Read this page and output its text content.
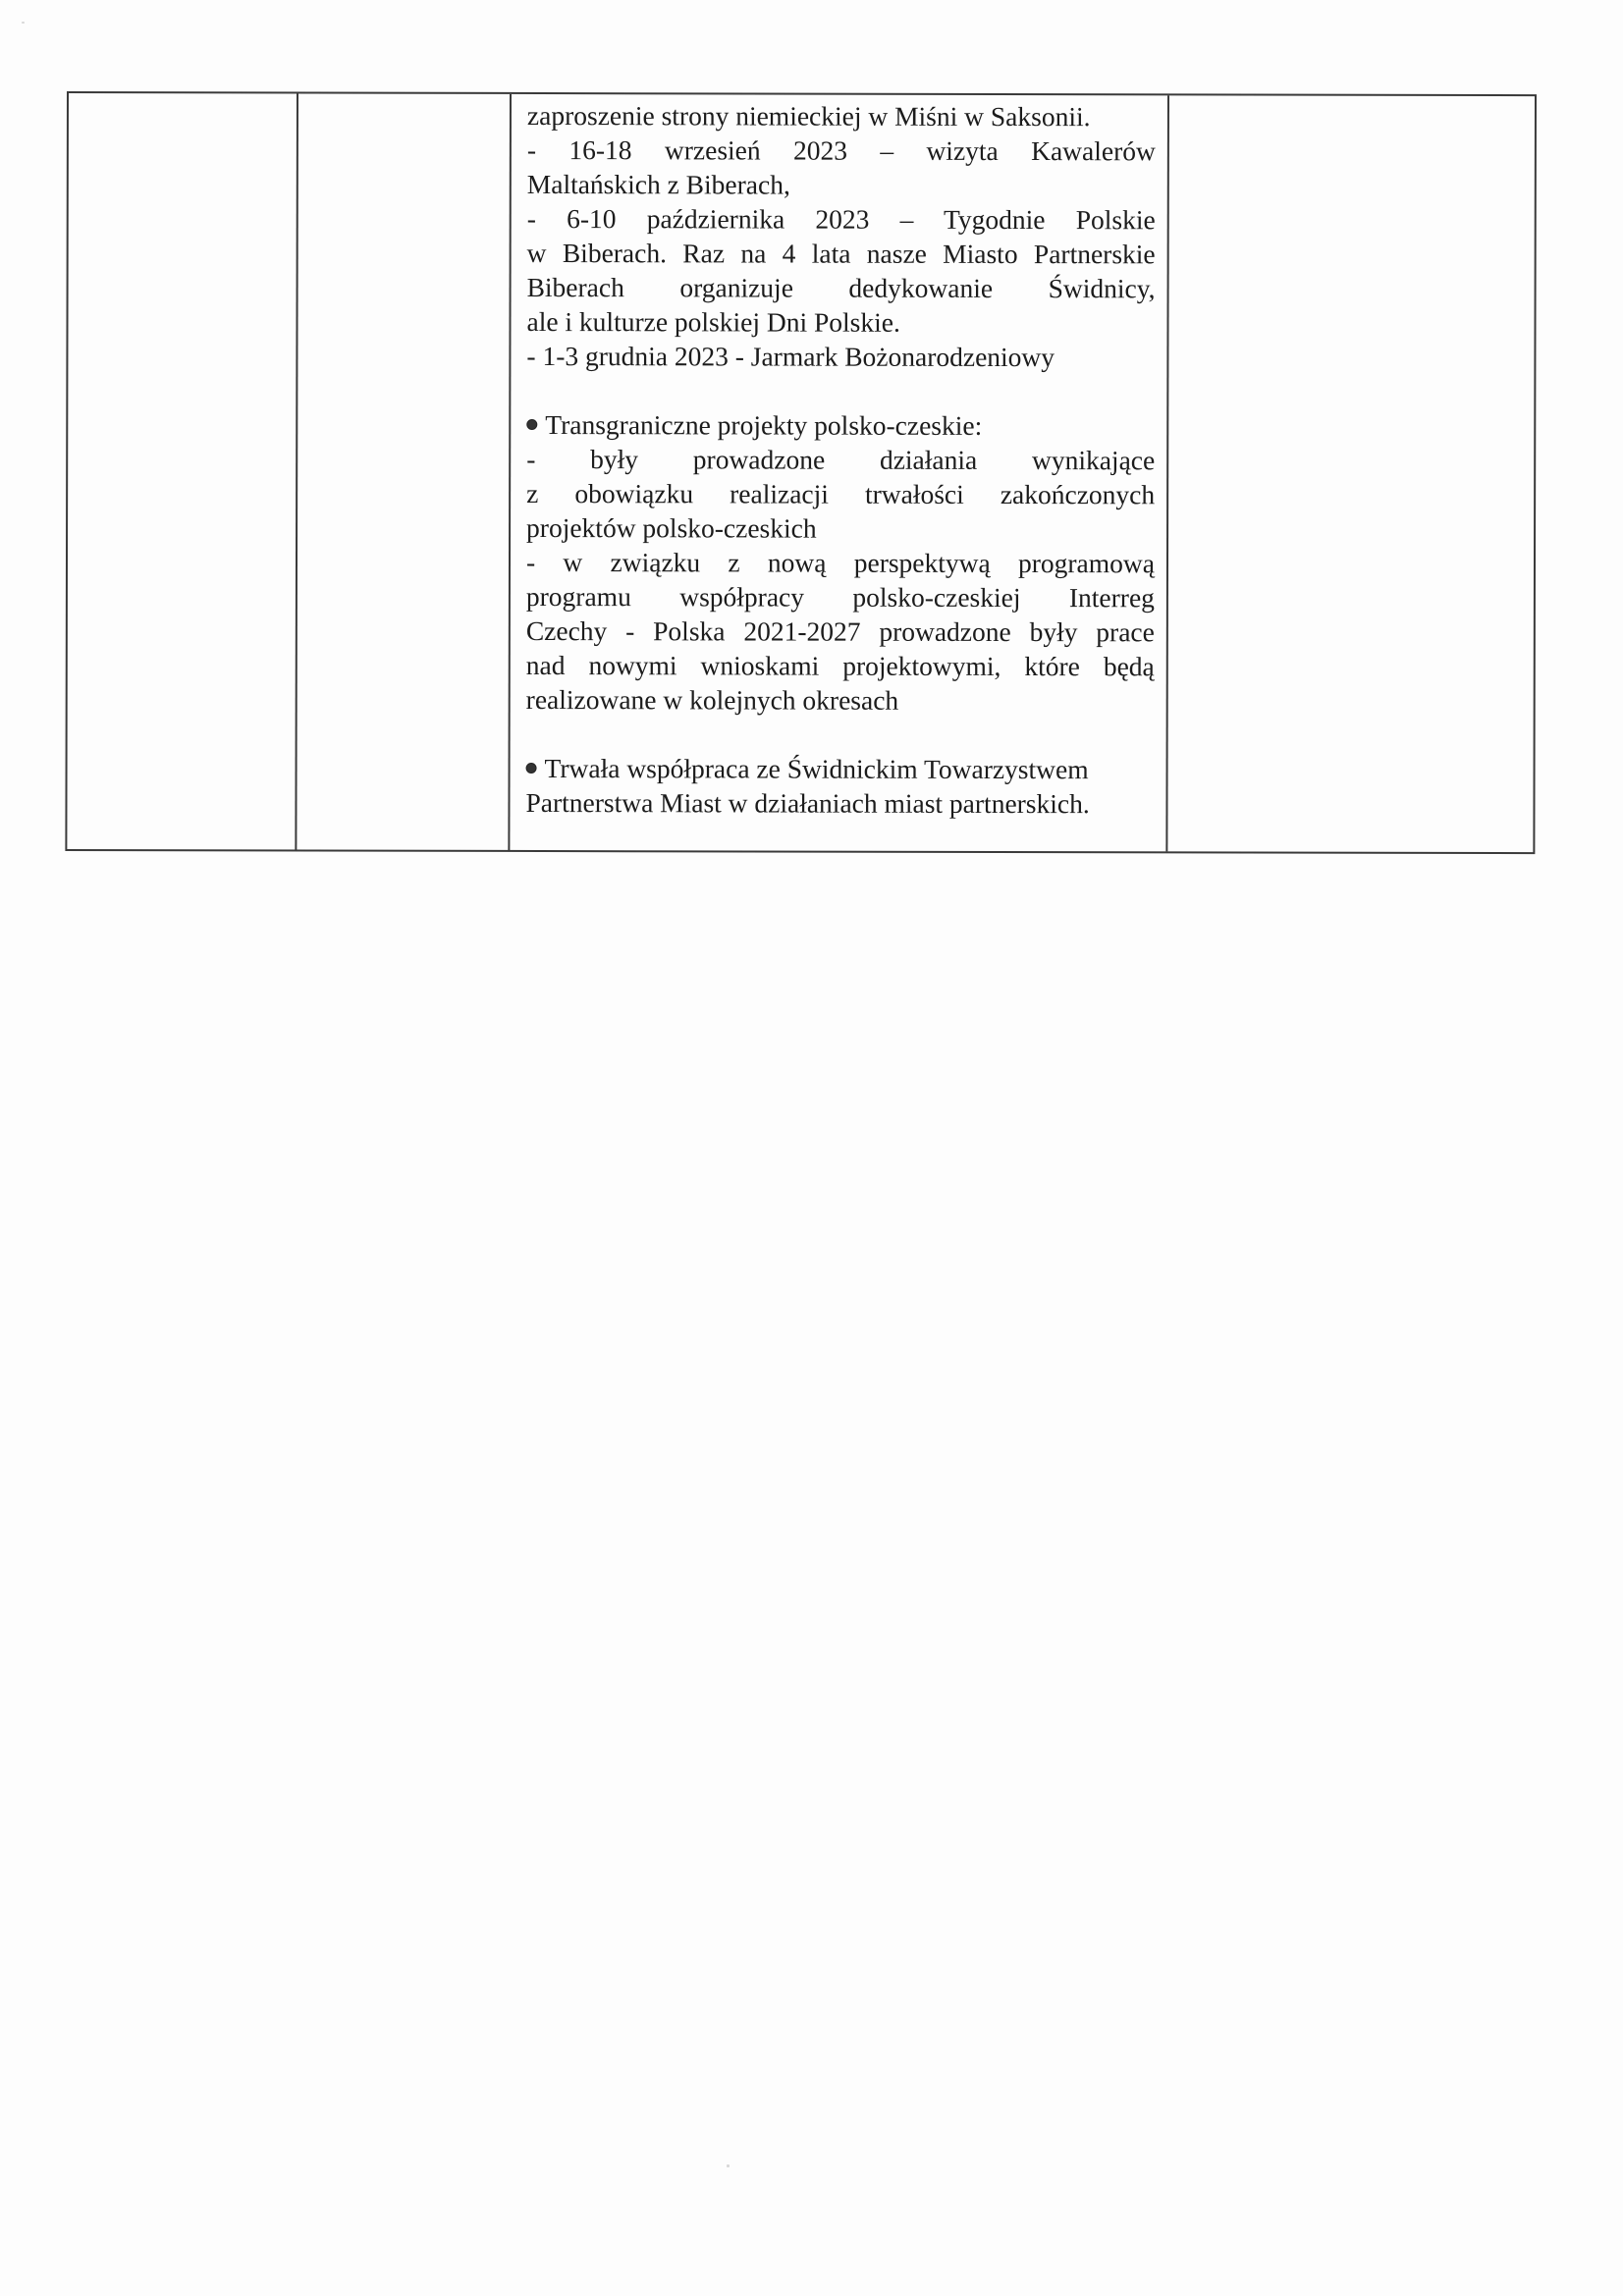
zaproszenie strony niemieckiej w Miśni w Saksonii.
- 16-18 wrzesień 2023 – wizyta Kawalerów
Maltańskich z Biberach,
- 6-10 października 2023 – Tygodnie Polskie
w Biberach. Raz na 4 lata nasze Miasto Partnerskie
Biberach organizuje dedykowanie Świdnicy,
ale i kulturze polskiej Dni Polskie.
- 1-3 grudnia 2023 - Jarmark Bożonarodzeniowy
Transgraniczne projekty polsko-czeskie:
- były prowadzone działania wynikające
z obowiązku realizacji trwałości zakończonych
projektów polsko-czeskich
- w związku z nową perspektywą programową
programu współpracy polsko-czeskiej Interreg
Czechy - Polska 2021-2027 prowadzone były prace
nad nowymi wnioskami projektowymi, które będą
realizowane w kolejnych okresach
Trwała współpraca ze Świdnickim Towarzystwem
Partnerstwa Miast w działaniach miast partnerskich.
